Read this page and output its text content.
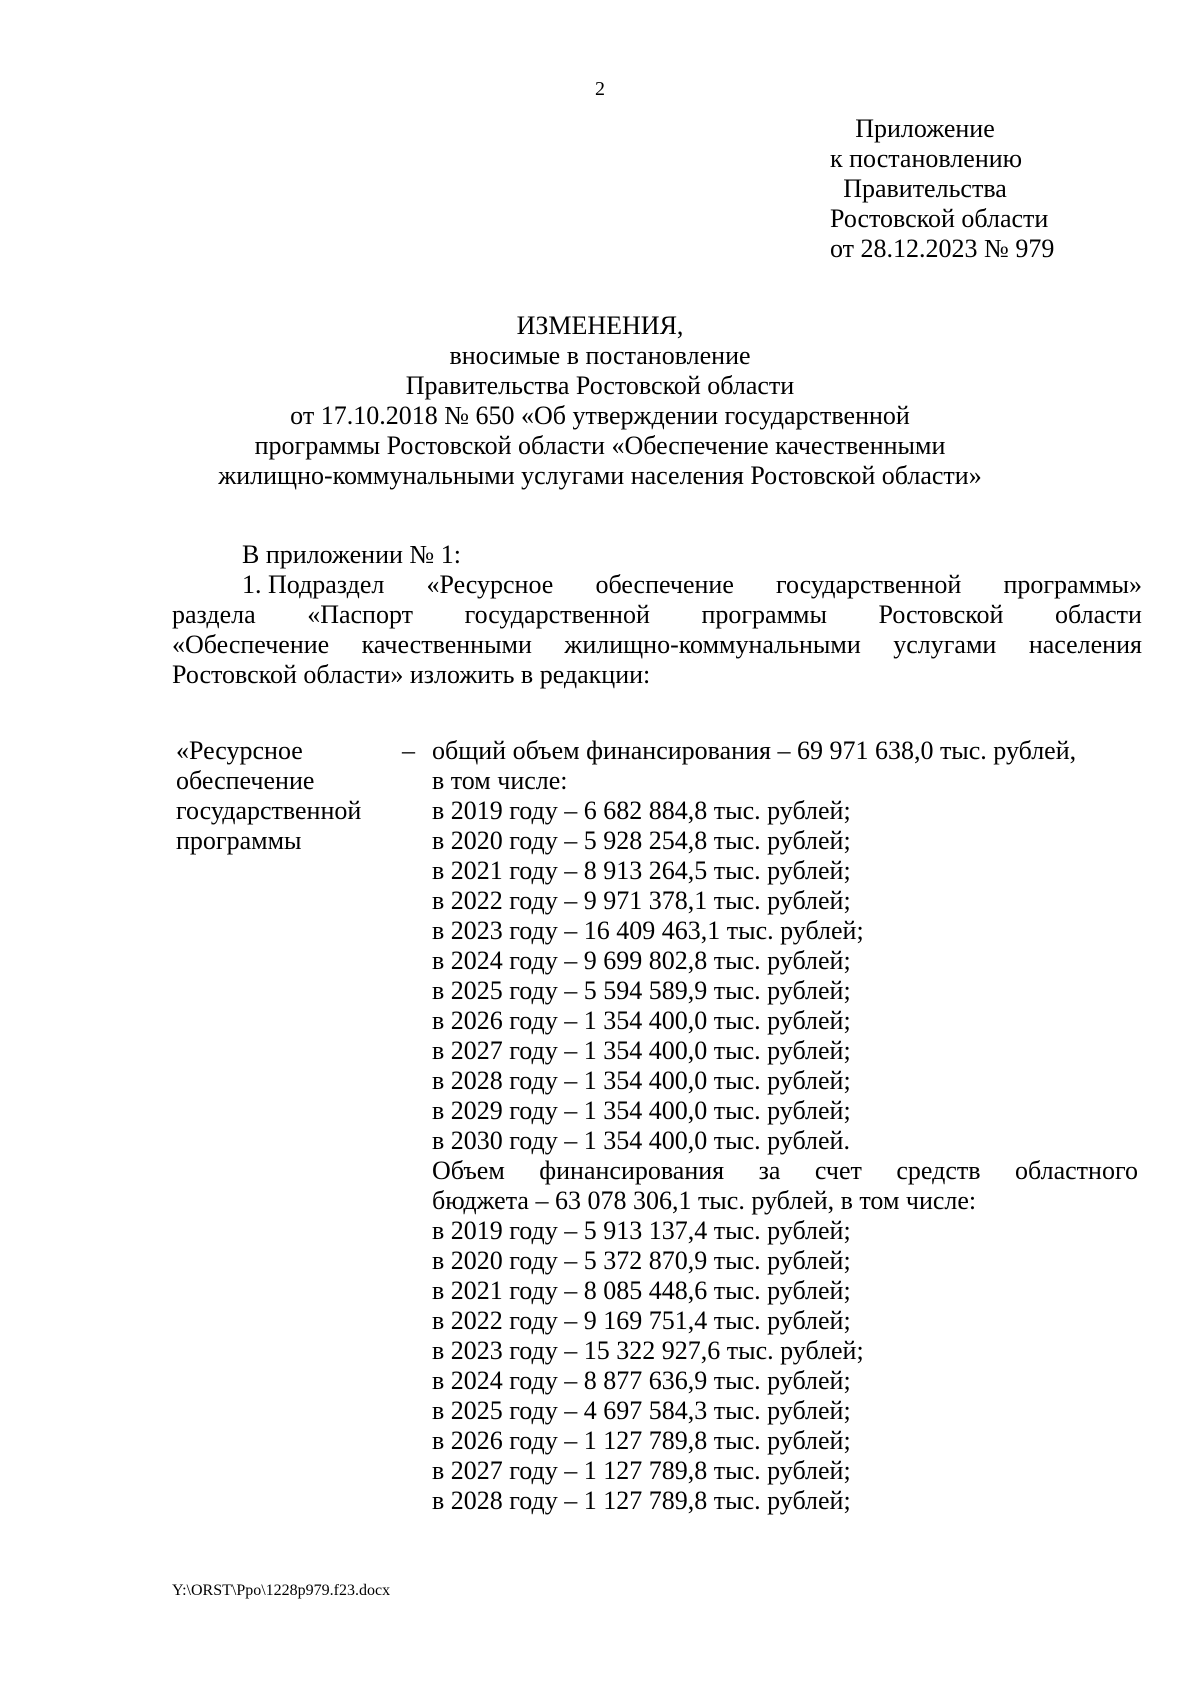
2
Приложение
к постановлению
Правительства
Ростовской области
от 28.12.2023 № 979
ИЗМЕНЕНИЯ,
вносимые в постановление
Правительства Ростовской области
от 17.10.2018 № 650 «Об утверждении государственной
программы Ростовской области «Обеспечение качественными
жилищно-коммунальными услугами населения Ростовской области»
В приложении № 1:
1. Подраздел «Ресурсное обеспечение государственной программы»
раздела «Паспорт государственной программы Ростовской области
«Обеспечение качественными жилищно-коммунальными услугами населения
Ростовской области» изложить в редакции:
«Ресурсное
обеспечение
государственной
программы
– общий объем финансирования – 69 971 638,0 тыс. рублей,
в том числе:
в 2019 году – 6 682 884,8 тыс. рублей;
в 2020 году – 5 928 254,8 тыс. рублей;
в 2021 году – 8 913 264,5 тыс. рублей;
в 2022 году – 9 971 378,1 тыс. рублей;
в 2023 году – 16 409 463,1 тыс. рублей;
в 2024 году – 9 699 802,8 тыс. рублей;
в 2025 году – 5 594 589,9 тыс. рублей;
в 2026 году – 1 354 400,0 тыс. рублей;
в 2027 году – 1 354 400,0 тыс. рублей;
в 2028 году – 1 354 400,0 тыс. рублей;
в 2029 году – 1 354 400,0 тыс. рублей;
в 2030 году – 1 354 400,0 тыс. рублей.
Объем финансирования за счет средств областного
бюджета – 63 078 306,1 тыс. рублей, в том числе:
в 2019 году – 5 913 137,4 тыс. рублей;
в 2020 году – 5 372 870,9 тыс. рублей;
в 2021 году – 8 085 448,6 тыс. рублей;
в 2022 году – 9 169 751,4 тыс. рублей;
в 2023 году – 15 322 927,6 тыс. рублей;
в 2024 году – 8 877 636,9 тыс. рублей;
в 2025 году – 4 697 584,3 тыс. рублей;
в 2026 году – 1 127 789,8 тыс. рублей;
в 2027 году – 1 127 789,8 тыс. рублей;
в 2028 году – 1 127 789,8 тыс. рублей;
Y:\ORST\Ppo\1228p979.f23.docx
